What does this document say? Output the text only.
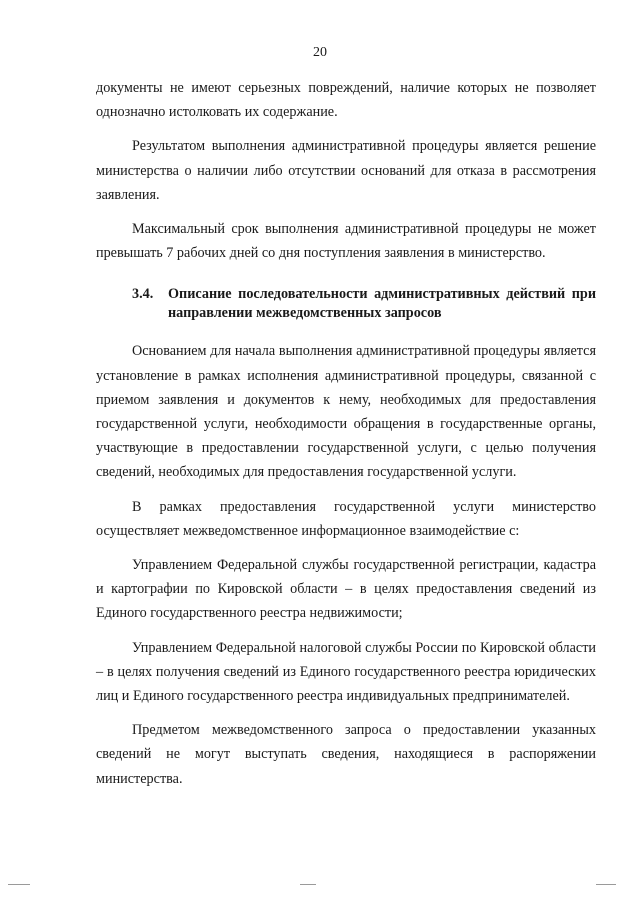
20

документы не имеют серьезных повреждений, наличие которых не позволяет однозначно истолковать их содержание.

Результатом выполнения административной процедуры является решение министерства о наличии либо отсутствии оснований для отказа в рассмотрения заявления.

Максимальный срок выполнения административной процедуры не может превышать 7 рабочих дней со дня поступления заявления в министерство.

3.4.	Описание последовательности административных действий при направлении межведомственных запросов

Основанием для начала выполнения административной процедуры является установление в рамках исполнения административной процедуры, связанной с приемом заявления и документов к нему, необходимых для предоставления государственной услуги, необходимости обращения в государственные органы, участвующие в предоставлении государственной услуги, с целью получения сведений, необходимых для предоставления государственной услуги.

В рамках предоставления государственной услуги министерство осуществляет межведомственное информационное взаимодействие с:

Управлением Федеральной службы государственной регистрации, кадастра и картографии по Кировской области – в целях предоставления сведений из Единого государственного реестра недвижимости;

Управлением Федеральной налоговой службы России по Кировской области – в целях получения сведений из Единого государственного реестра юридических лиц и Единого государственного реестра индивидуальных предпринимателей.

Предметом межведомственного запроса о предоставлении указанных сведений не могут выступать сведения, находящиеся в распоряжении министерства.
